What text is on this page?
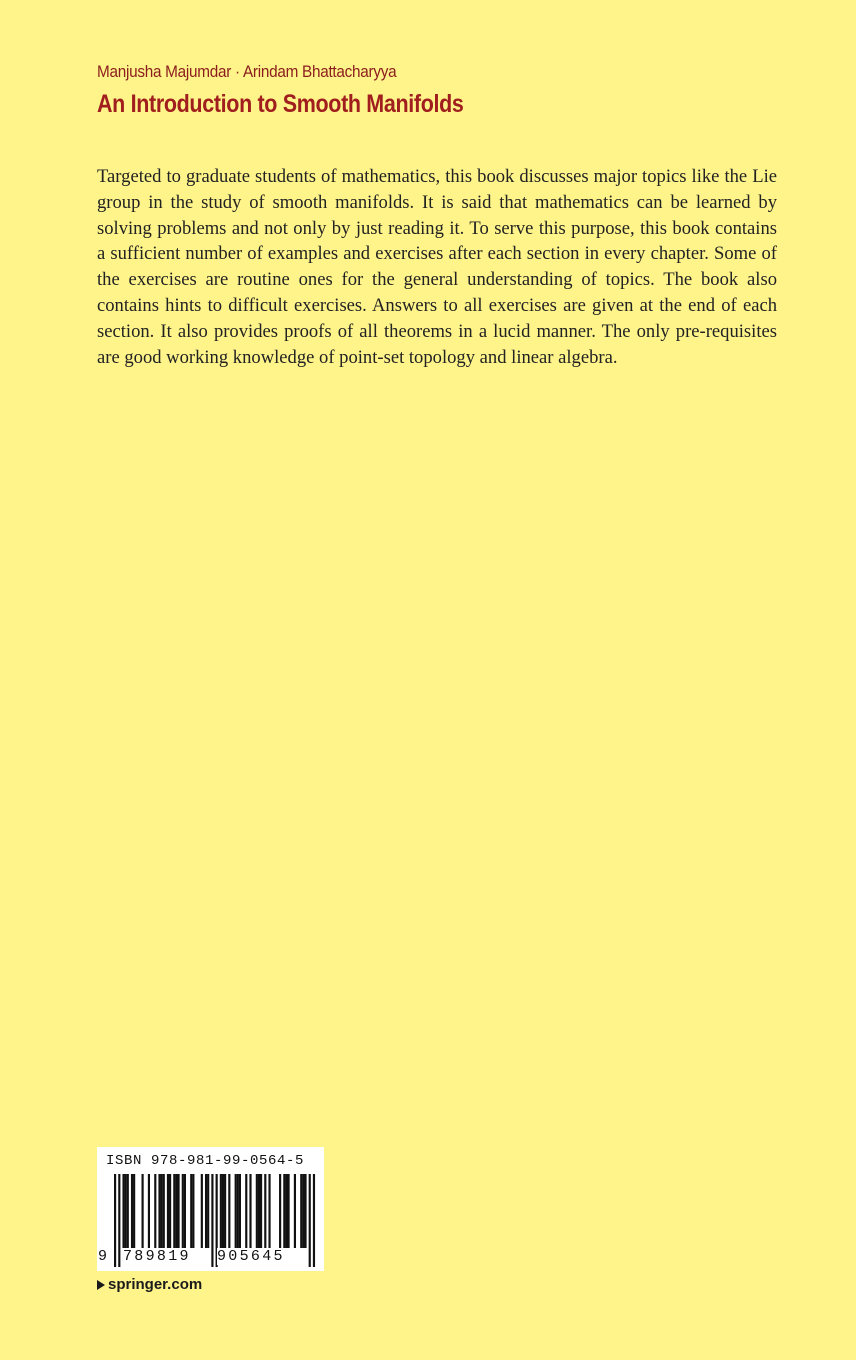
Manjusha Majumdar · Arindam Bhattacharyya
An Introduction to Smooth Manifolds

Targeted to graduate students of mathematics, this book discusses major topics like the Lie group in the study of smooth manifolds. It is said that mathematics can be learned by solving problems and not only by just reading it. To serve this purpose, this book contains a sufficient number of examples and exercises after each section in every chapter. Some of the exercises are routine ones for the general understanding of topics. The book also contains hints to difficult exercises. Answers to all exercises are given at the end of each section. It also provides proofs of all theorems in a lucid manner. The only pre-requisites are good working knowledge of point-set topology and linear algebra.

ISBN 978-981-99-0564-5
9 789819 905645
springer.com
